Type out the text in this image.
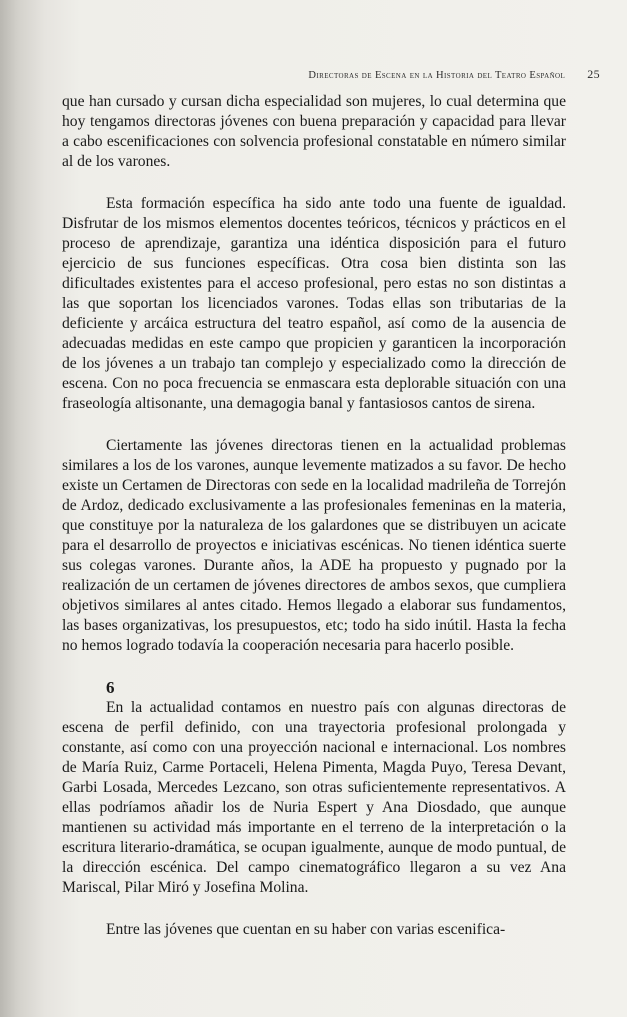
Directoras de Escena en la Historia del Teatro Español 25

que han cursado y cursan dicha especialidad son mujeres, lo cual determina que hoy tengamos directoras jóvenes con buena preparación y capacidad para llevar a cabo escenificaciones con solvencia profesional constatable en número similar al de los varones.

Esta formación específica ha sido ante todo una fuente de igualdad. Disfrutar de los mismos elementos docentes teóricos, técnicos y prácticos en el proceso de aprendizaje, garantiza una idéntica disposición para el futuro ejercicio de sus funciones específicas. Otra cosa bien distinta son las dificultades existentes para el acceso profesional, pero estas no son distintas a las que soportan los licenciados varones. Todas ellas son tributarias de la deficiente y arcáica estructura del teatro español, así como de la ausencia de adecuadas medidas en este campo que propicien y garanticen la incorporación de los jóvenes a un trabajo tan complejo y especializado como la dirección de escena. Con no poca frecuencia se enmascara esta deplorable situación con una fraseología altisonante, una demagogia banal y fantasiosos cantos de sirena.

Ciertamente las jóvenes directoras tienen en la actualidad problemas similares a los de los varones, aunque levemente matizados a su favor. De hecho existe un Certamen de Directoras con sede en la localidad madrileña de Torrejón de Ardoz, dedicado exclusivamente a las profesionales femeninas en la materia, que constituye por la naturaleza de los galardones que se distribuyen un acicate para el desarrollo de proyectos e iniciativas escénicas. No tienen idéntica suerte sus colegas varones. Durante años, la ADE ha propuesto y pugnado por la realización de un certamen de jóvenes directores de ambos sexos, que cumpliera objetivos similares al antes citado. Hemos llegado a elaborar sus fundamentos, las bases organizativas, los presupuestos, etc; todo ha sido inútil. Hasta la fecha no hemos logrado todavía la cooperación necesaria para hacerlo posible.

6

En la actualidad contamos en nuestro país con algunas directoras de escena de perfil definido, con una trayectoria profesional prolongada y constante, así como con una proyección nacional e internacional. Los nombres de María Ruiz, Carme Portaceli, Helena Pimenta, Magda Puyo, Teresa Devant, Garbi Losada, Mercedes Lezcano, son otras suficientemente representativos. A ellas podríamos añadir los de Nuria Espert y Ana Diosdado, que aunque mantienen su actividad más importante en el terreno de la interpretación o la escritura literario-dramática, se ocupan igualmente, aunque de modo puntual, de la dirección escénica. Del campo cinematográfico llegaron a su vez Ana Mariscal, Pilar Miró y Josefina Molina.

Entre las jóvenes que cuentan en su haber con varias escenifica-
